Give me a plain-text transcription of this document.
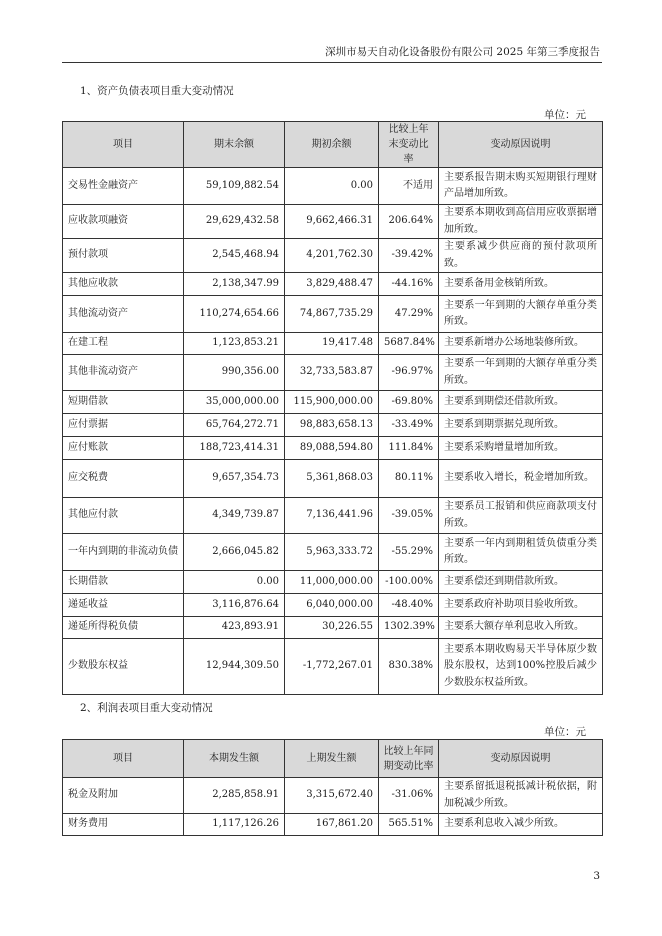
深圳市易天自动化设备股份有限公司 2025 年第三季度报告
1、资产负债表项目重大变动情况
单位：元
项目	期末余额	期初余额	比较上年末变动比率	变动原因说明
交易性金融资产	59,109,882.54	0.00	不适用	主要系报告期末购买短期银行理财产品增加所致。
应收款项融资	29,629,432.58	9,662,466.31	206.64%	主要系本期收到高信用应收票据增加所致。
预付款项	2,545,468.94	4,201,762.30	-39.42%	主要系减少供应商的预付款项所致。
其他应收款	2,138,347.99	3,829,488.47	-44.16%	主要系备用金核销所致。
其他流动资产	110,274,654.66	74,867,735.29	47.29%	主要系一年到期的大额存单重分类所致。
在建工程	1,123,853.21	19,417.48	5687.84%	主要系新增办公场地装修所致。
其他非流动资产	990,356.00	32,733,583.87	-96.97%	主要系一年到期的大额存单重分类所致。
短期借款	35,000,000.00	115,900,000.00	-69.80%	主要系到期偿还借款所致。
应付票据	65,764,272.71	98,883,658.13	-33.49%	主要系到期票据兑现所致。
应付账款	188,723,414.31	89,088,594.80	111.84%	主要系采购增量增加所致。
应交税费	9,657,354.73	5,361,868.03	80.11%	主要系收入增长，税金增加所致。
其他应付款	4,349,739.87	7,136,441.96	-39.05%	主要系员工报销和供应商款项支付所致。
一年内到期的非流动负债	2,666,045.82	5,963,333.72	-55.29%	主要系一年内到期租赁负债重分类所致。
长期借款	0.00	11,000,000.00	-100.00%	主要系偿还到期借款所致。
递延收益	3,116,876.64	6,040,000.00	-48.40%	主要系政府补助项目验收所致。
递延所得税负债	423,893.91	30,226.55	1302.39%	主要系大额存单利息收入所致。
少数股东权益	12,944,309.50	-1,772,267.01	830.38%	主要系本期收购易天半导体原少数股东股权，达到100%控股后减少少数股东权益所致。
2、利润表项目重大变动情况
单位：元
项目	本期发生额	上期发生额	比较上年同期变动比率	变动原因说明
税金及附加	2,285,858.91	3,315,672.40	-31.06%	主要系留抵退税抵减计税依据，附加税减少所致。
财务费用	1,117,126.26	167,861.20	565.51%	主要系利息收入减少所致。
3
